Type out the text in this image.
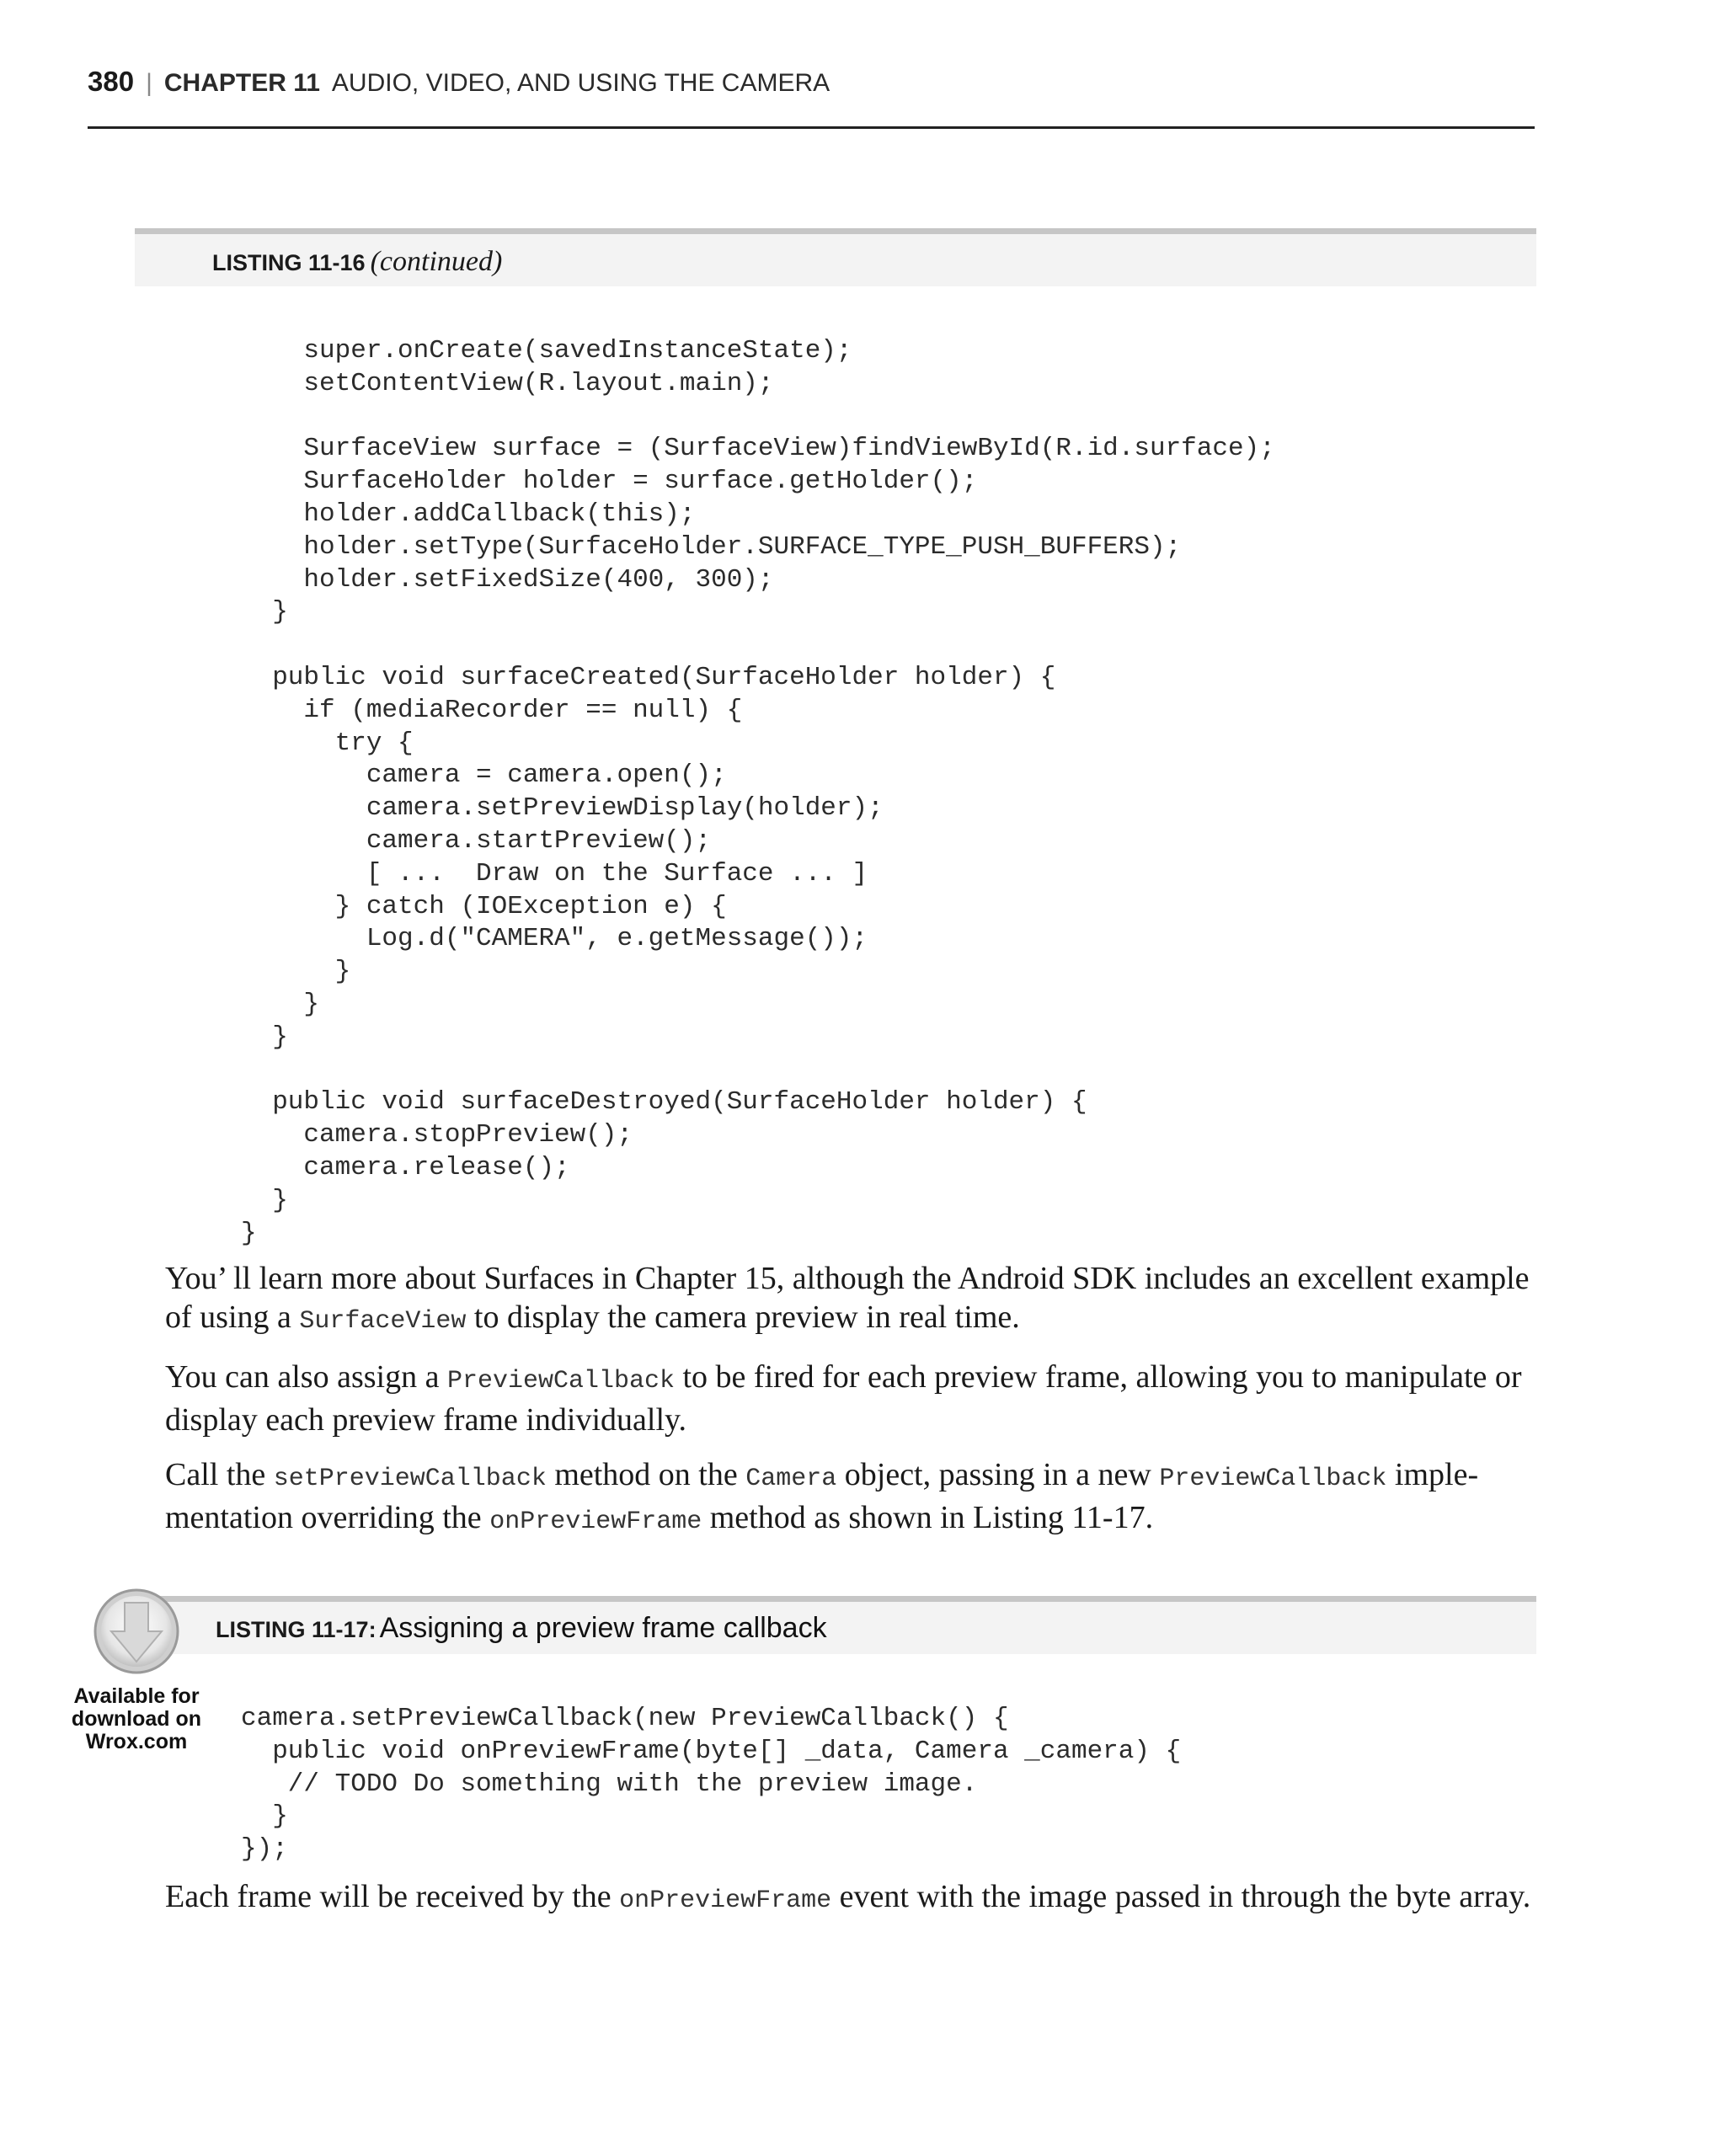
380 | CHAPTER 11 AUDIO, VIDEO, AND USING THE CAMERA
LISTING 11-16 (continued)
super.onCreate(savedInstanceState);
setContentView(R.layout.main);

SurfaceView surface = (SurfaceView)findViewById(R.id.surface);
SurfaceHolder holder = surface.getHolder();
holder.addCallback(this);
holder.setType(SurfaceHolder.SURFACE_TYPE_PUSH_BUFFERS);
holder.setFixedSize(400, 300);
}

public void surfaceCreated(SurfaceHolder holder) {
if (mediaRecorder == null) {
try {
camera = camera.open();
camera.setPreviewDisplay(holder);
camera.startPreview();
[ ...  Draw on the Surface ... ]
} catch (IOException e) {
Log.d("CAMERA", e.getMessage());
}
}
}

public void surfaceDestroyed(SurfaceHolder holder) {
camera.stopPreview();
camera.release();
}
}

You’ ll learn more about Surfaces in Chapter 15, although the Android SDK includes an excellent example of using a SurfaceView to display the camera preview in real time.

You can also assign a PreviewCallback to be fired for each preview frame, allowing you to manipulate or display each preview frame individually.

Call the setPreviewCallback method on the Camera object, passing in a new PreviewCallback imple-mentation overriding the onPreviewFrame method as shown in Listing 11-17.

LISTING 11-17: Assigning a preview frame callback
Available for
download on
Wrox.com
camera.setPreviewCallback(new PreviewCallback() {
public void onPreviewFrame(byte[] _data, Camera _camera) {
// TODO Do something with the preview image.
}
});

Each frame will be received by the onPreviewFrame event with the image passed in through the byte array.
